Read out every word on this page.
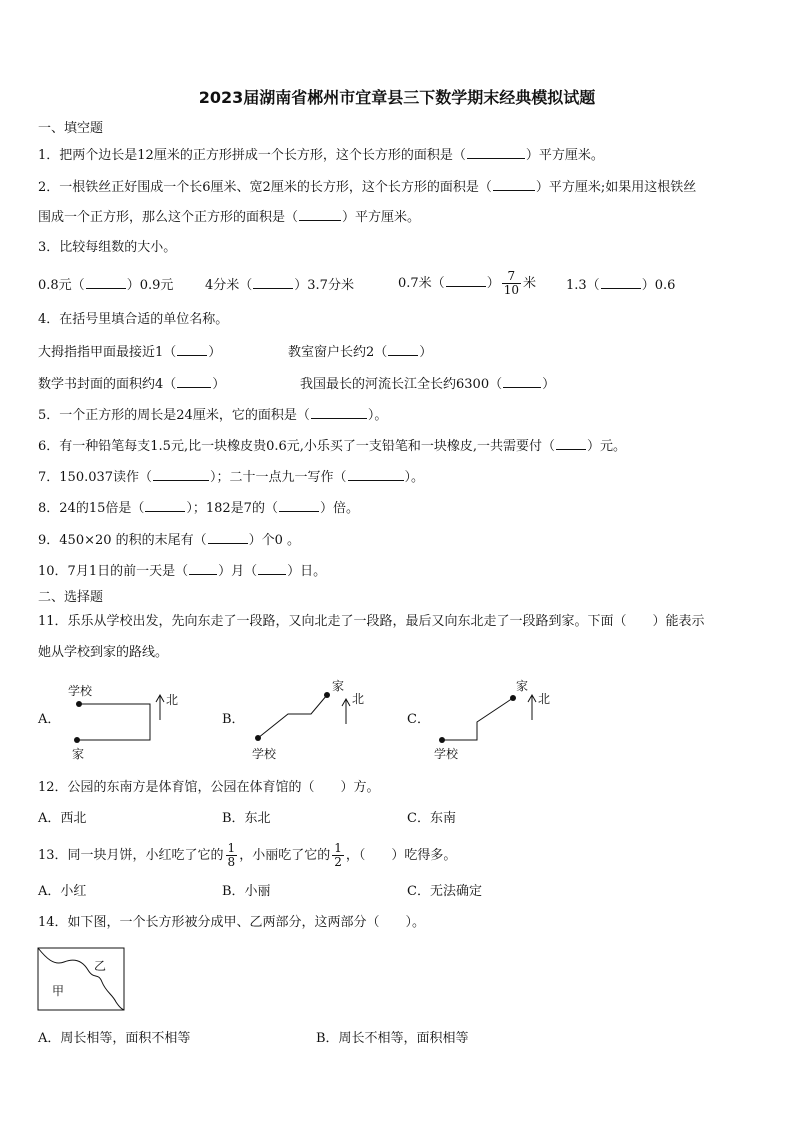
2023届湖南省郴州市宜章县三下数学期末经典模拟试题
一、填空题
1．把两个边长是12厘米的正方形拼成一个长方形，这个长方形的面积是（	）平方厘米。
2．一根铁丝正好围成一个长6厘米、宽2厘米的长方形，这个长方形的面积是（	）平方厘米;如果用这根铁丝
围成一个正方形，那么这个正方形的面积是（	）平方厘米。
3．比较每组数的大小。
0.8元（	）0.9元 4分米（	）3.7分米	0.7米（	） $\frac{7}{10}$ 米 1.3（	）0.6
4．在括号里填合适的单位名称。
大拇指指甲面最接近1（ ）	教室窗户长约2（ ）
数学书封面的面积约4（	）	我国最长的河流长江全长约6300（	）
5．一个正方形的周长是24厘米，它的面积是（	）。
6．有一种铅笔每支1.5元,比一块橡皮贵0.6元,小乐买了一支铅笔和一块橡皮,一共需要付（ ）元。
7．150.037读作（	）；二十一点九一写作（	）。
8．24的15倍是（	）；182是7的（	）倍。
9．450×20 的积的末尾有（	）个0 。
10．7月1日的前一天是（ ）月（ ）日。
二、选择题
11．乐乐从学校出发，先向东走了一段路，又向北走了一段路，最后又向东北走了一段路到家。下面（　　）能表示
她从学校到家的路线。
A．	B．	C．
学校
家
北
学校
家
北
学校
家
北
12．公园的东南方是体育馆，公园在体育馆的（　　）方。
A．西北	B．东北	C．东南
13．同一块月饼，小红吃了它的 $\frac{1}{8}$ ，小丽吃了它的 $\frac{1}{2}$ ，（　　）吃得多。
A．小红	B．小丽	C．无法确定
14．如下图，一个长方形被分成甲、乙两部分，这两部分（　　）。
甲
乙
A．周长相等，面积不相等	B．周长不相等，面积相等
